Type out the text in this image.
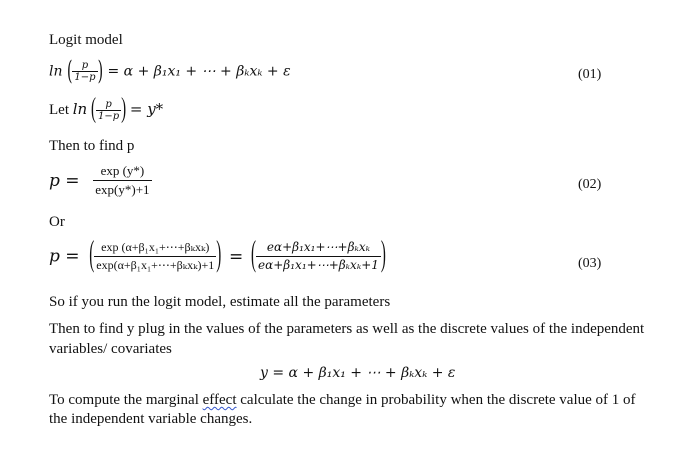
Logit model
ln ( $\frac{p}{1-p}$ ) = α + β₁x₁ + ⋯ + βₖxₖ + ε	(01)
Let ln ( $\frac{p}{1-p}$ ) = y*
Then to find p
$p = \frac{\exp (y*)}{\exp(y*)+1}$	(02)
Or
p = ( $\frac{\text{exp (α+β₁x₁+⋯+βₖxₖ)}}{\text{exp(α+β₁x₁+⋯+βₖxₖ)+1}}$ ) = ( $\frac{\text{eα+β₁x₁+⋯+βₖxₖ}}{\text{eα+β₁x₁+⋯+βₖxₖ+1}}$ )	(03)
So if you run the logit model, estimate all the parameters
Then to find y plug in the values of the parameters as well as the discrete values of the independent
variables/ covariates
y = α + β₁x₁ + ⋯ + βₖxₖ + ε
To compute the marginal effect calculate the change in probability when the discrete value of 1 of
the independent variable changes.
